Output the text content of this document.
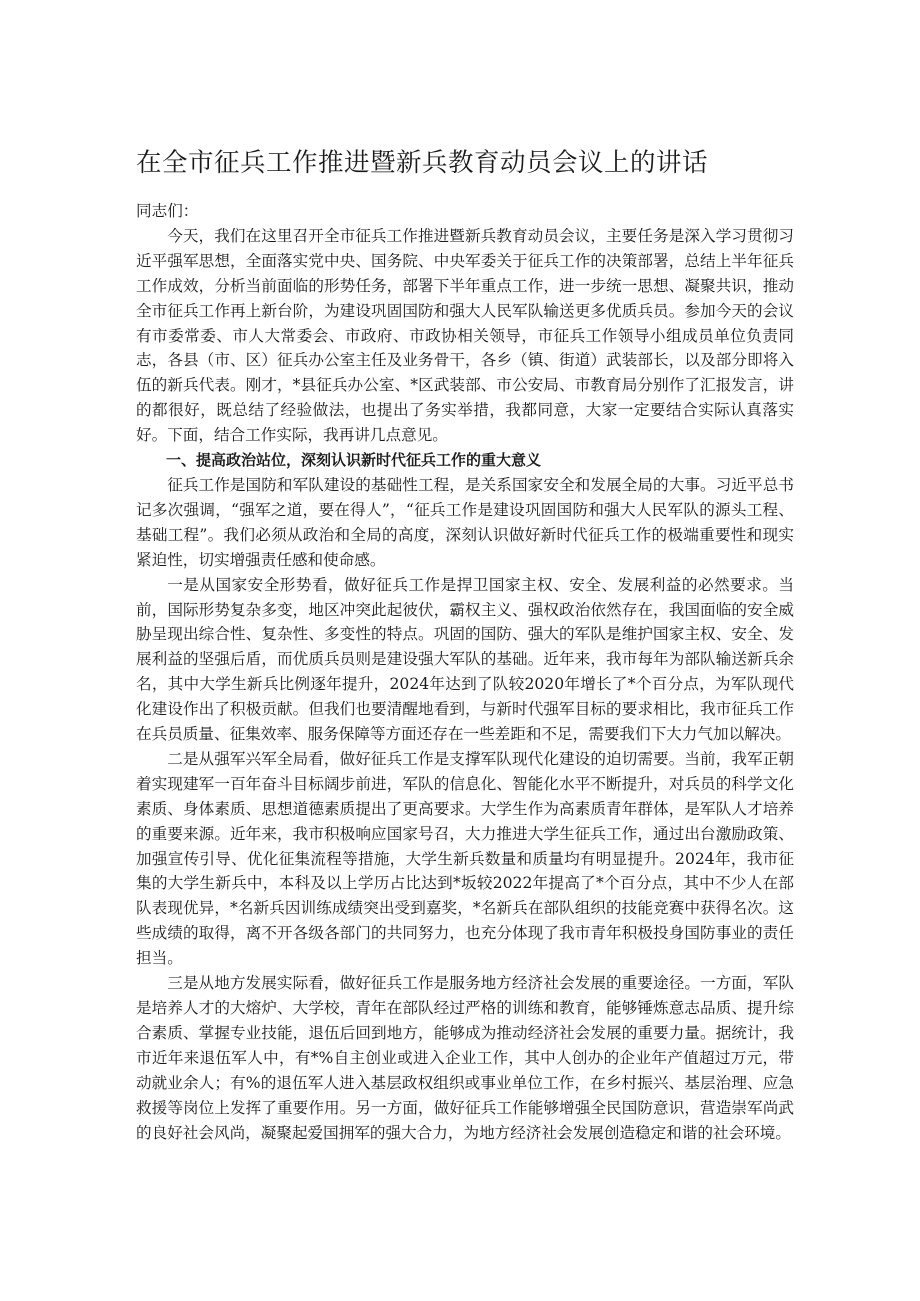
在全市征兵工作推进暨新兵教育动员会议上的讲话

同志们：

今天，我们在这里召开全市征兵工作推进暨新兵教育动员会议，主要任务是深入学习贯彻习近平强军思想，全面落实党中央、国务院、中央军委关于征兵工作的决策部署，总结上半年征兵工作成效，分析当前面临的形势任务，部署下半年重点工作，进一步统一思想、凝聚共识，推动全市征兵工作再上新台阶，为建设巩固国防和强大人民军队输送更多优质兵员。参加今天的会议有市委常委、市人大常委会、市政府、市政协相关领导，市征兵工作领导小组成员单位负责同志，各县（市、区）征兵办公室主任及业务骨干，各乡（镇、街道）武装部长，以及部分即将入伍的新兵代表。刚才，*县征兵办公室、*区武装部、市公安局、市教育局分别作了汇报发言，讲的都很好，既总结了经验做法，也提出了务实举措，我都同意，大家一定要结合实际认真落实好。下面，结合工作实际，我再讲几点意见。

一、提高政治站位，深刻认识新时代征兵工作的重大意义

征兵工作是国防和军队建设的基础性工程，是关系国家安全和发展全局的大事。习近平总书记多次强调，“强军之道，要在得人”，“征兵工作是建设巩固国防和强大人民军队的源头工程、基础工程”。我们必须从政治和全局的高度，深刻认识做好新时代征兵工作的极端重要性和现实紧迫性，切实增强责任感和使命感。

一是从国家安全形势看，做好征兵工作是捍卫国家主权、安全、发展利益的必然要求。当前，国际形势复杂多变，地区冲突此起彼伏，霸权主义、强权政治依然存在，我国面临的安全威胁呈现出综合性、复杂性、多变性的特点。巩固的国防、强大的军队是维护国家主权、安全、发展利益的坚强后盾，而优质兵员则是建设强大军队的基础。近年来，我市每年为部队输送新兵余名，其中大学生新兵比例逐年提升，2024年达到了队较2020年增长了*个百分点，为军队现代化建设作出了积极贡献。但我们也要清醒地看到，与新时代强军目标的要求相比，我市征兵工作在兵员质量、征集效率、服务保障等方面还存在一些差距和不足，需要我们下大力气加以解决。

二是从强军兴军全局看，做好征兵工作是支撑军队现代化建设的迫切需要。当前，我军正朝着实现建军一百年奋斗目标阔步前进，军队的信息化、智能化水平不断提升，对兵员的科学文化素质、身体素质、思想道德素质提出了更高要求。大学生作为高素质青年群体，是军队人才培养的重要来源。近年来，我市积极响应国家号召，大力推进大学生征兵工作，通过出台激励政策、加强宣传引导、优化征集流程等措施，大学生新兵数量和质量均有明显提升。2024年，我市征集的大学生新兵中，本科及以上学历占比达到*坂较2022年提高了*个百分点，其中不少人在部队表现优异，*名新兵因训练成绩突出受到嘉奖，*名新兵在部队组织的技能竞赛中获得名次。这些成绩的取得，离不开各级各部门的共同努力，也充分体现了我市青年积极投身国防事业的责任担当。

三是从地方发展实际看，做好征兵工作是服务地方经济社会发展的重要途径。一方面，军队是培养人才的大熔炉、大学校，青年在部队经过严格的训练和教育，能够锤炼意志品质、提升综合素质、掌握专业技能，退伍后回到地方，能够成为推动经济社会发展的重要力量。据统计，我市近年来退伍军人中，有*%自主创业或进入企业工作，其中人创办的企业年产值超过万元，带动就业余人；有%的退伍军人进入基层政权组织或事业单位工作，在乡村振兴、基层治理、应急救援等岗位上发挥了重要作用。另一方面，做好征兵工作能够增强全民国防意识，营造崇军尚武的良好社会风尚，凝聚起爱国拥军的强大合力，为地方经济社会发展创造稳定和谐的社会环境。
